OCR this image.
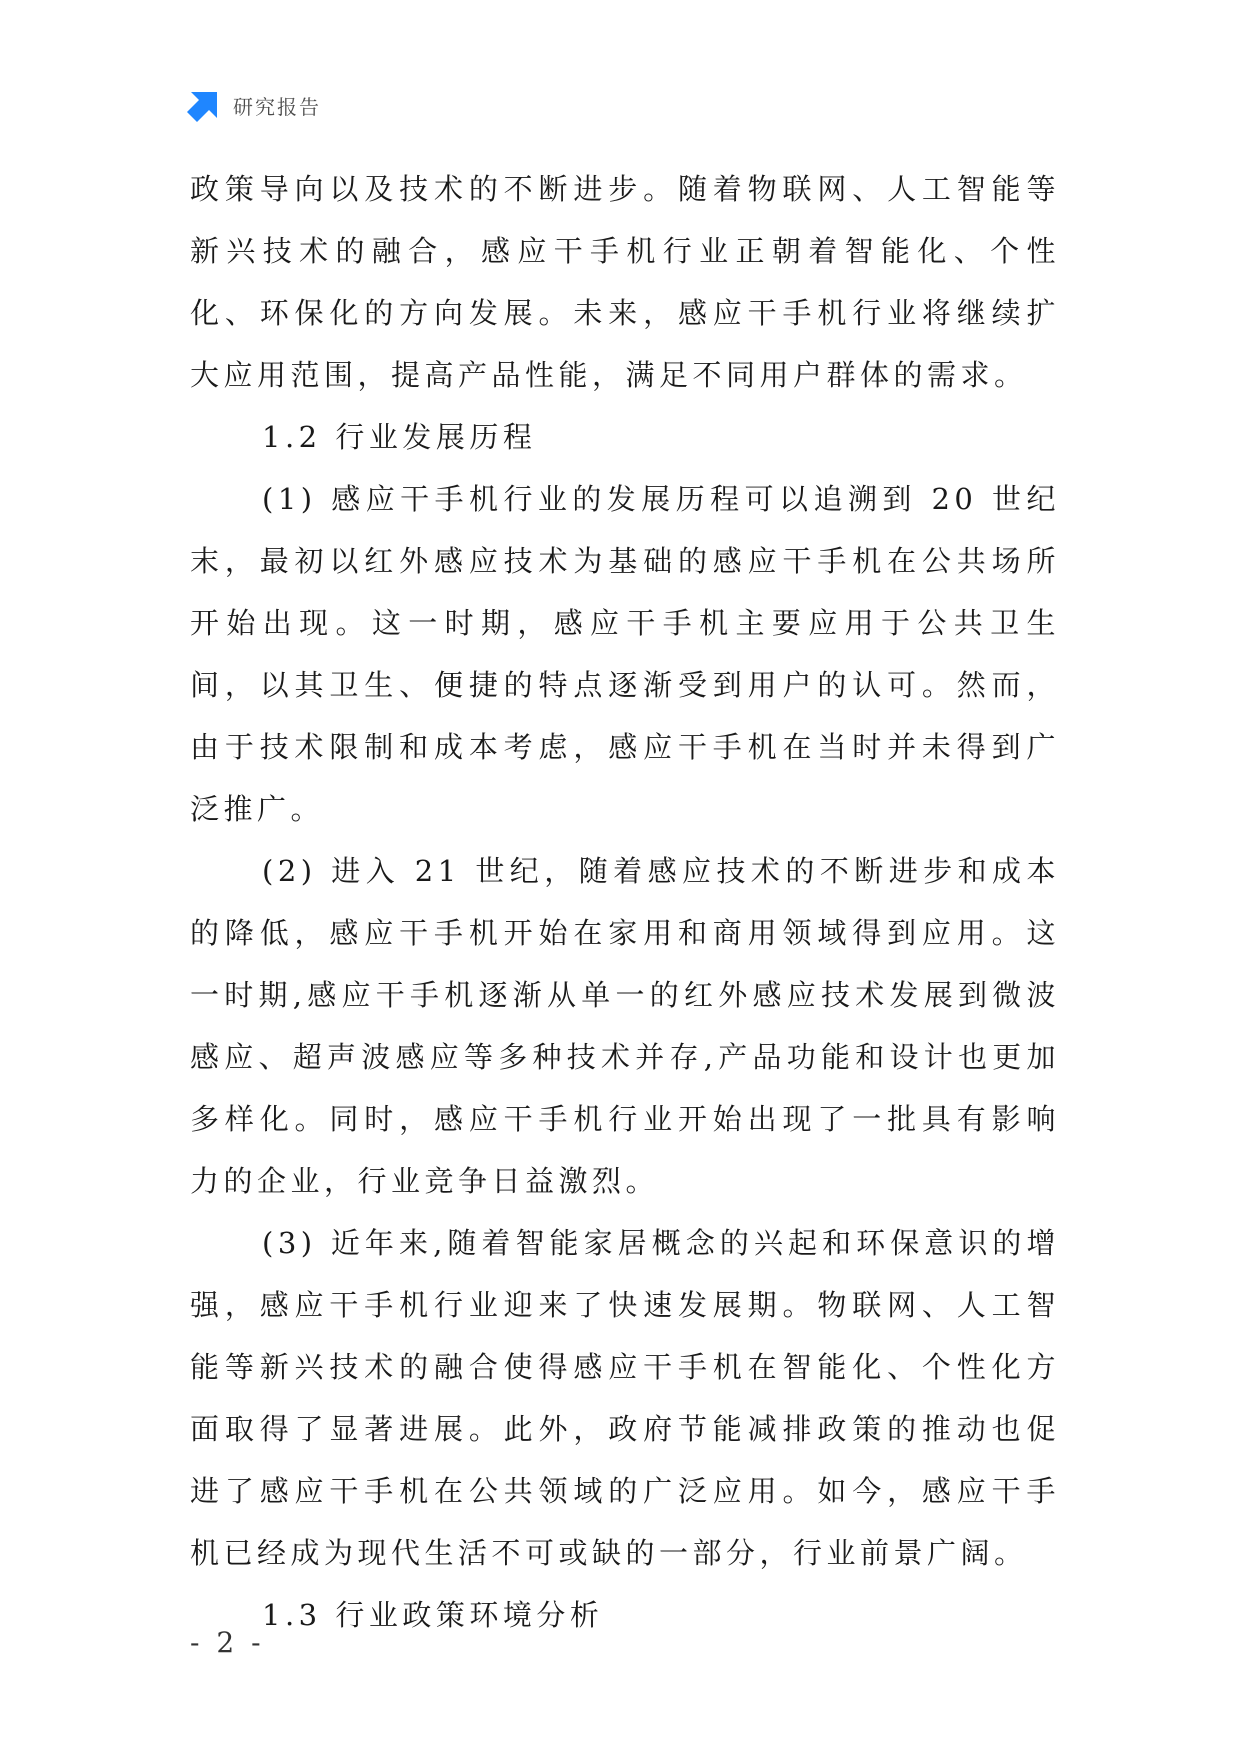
研究报告

政策导向以及技术的不断进步。随着物联网、人工智能等新兴技术的融合，感应干手机行业正朝着智能化、个性化、环保化的方向发展。未来，感应干手机行业将继续扩大应用范围，提高产品性能，满足不同用户群体的需求。

1.2 行业发展历程

(1) 感应干手机行业的发展历程可以追溯到 20 世纪末，最初以红外感应技术为基础的感应干手机在公共场所开始出现。这一时期，感应干手机主要应用于公共卫生间，以其卫生、便捷的特点逐渐受到用户的认可。然而，由于技术限制和成本考虑，感应干手机在当时并未得到广泛推广。

(2) 进入 21 世纪，随着感应技术的不断进步和成本的降低，感应干手机开始在家用和商用领域得到应用。这一时期,感应干手机逐渐从单一的红外感应技术发展到微波感应、超声波感应等多种技术并存,产品功能和设计也更加多样化。同时，感应干手机行业开始出现了一批具有影响力的企业，行业竞争日益激烈。

(3) 近年来,随着智能家居概念的兴起和环保意识的增强，感应干手机行业迎来了快速发展期。物联网、人工智能等新兴技术的融合使得感应干手机在智能化、个性化方面取得了显著进展。此外，政府节能减排政策的推动也促进了感应干手机在公共领域的广泛应用。如今，感应干手机已经成为现代生活不可或缺的一部分，行业前景广阔。

1.3 行业政策环境分析

- 2 -
